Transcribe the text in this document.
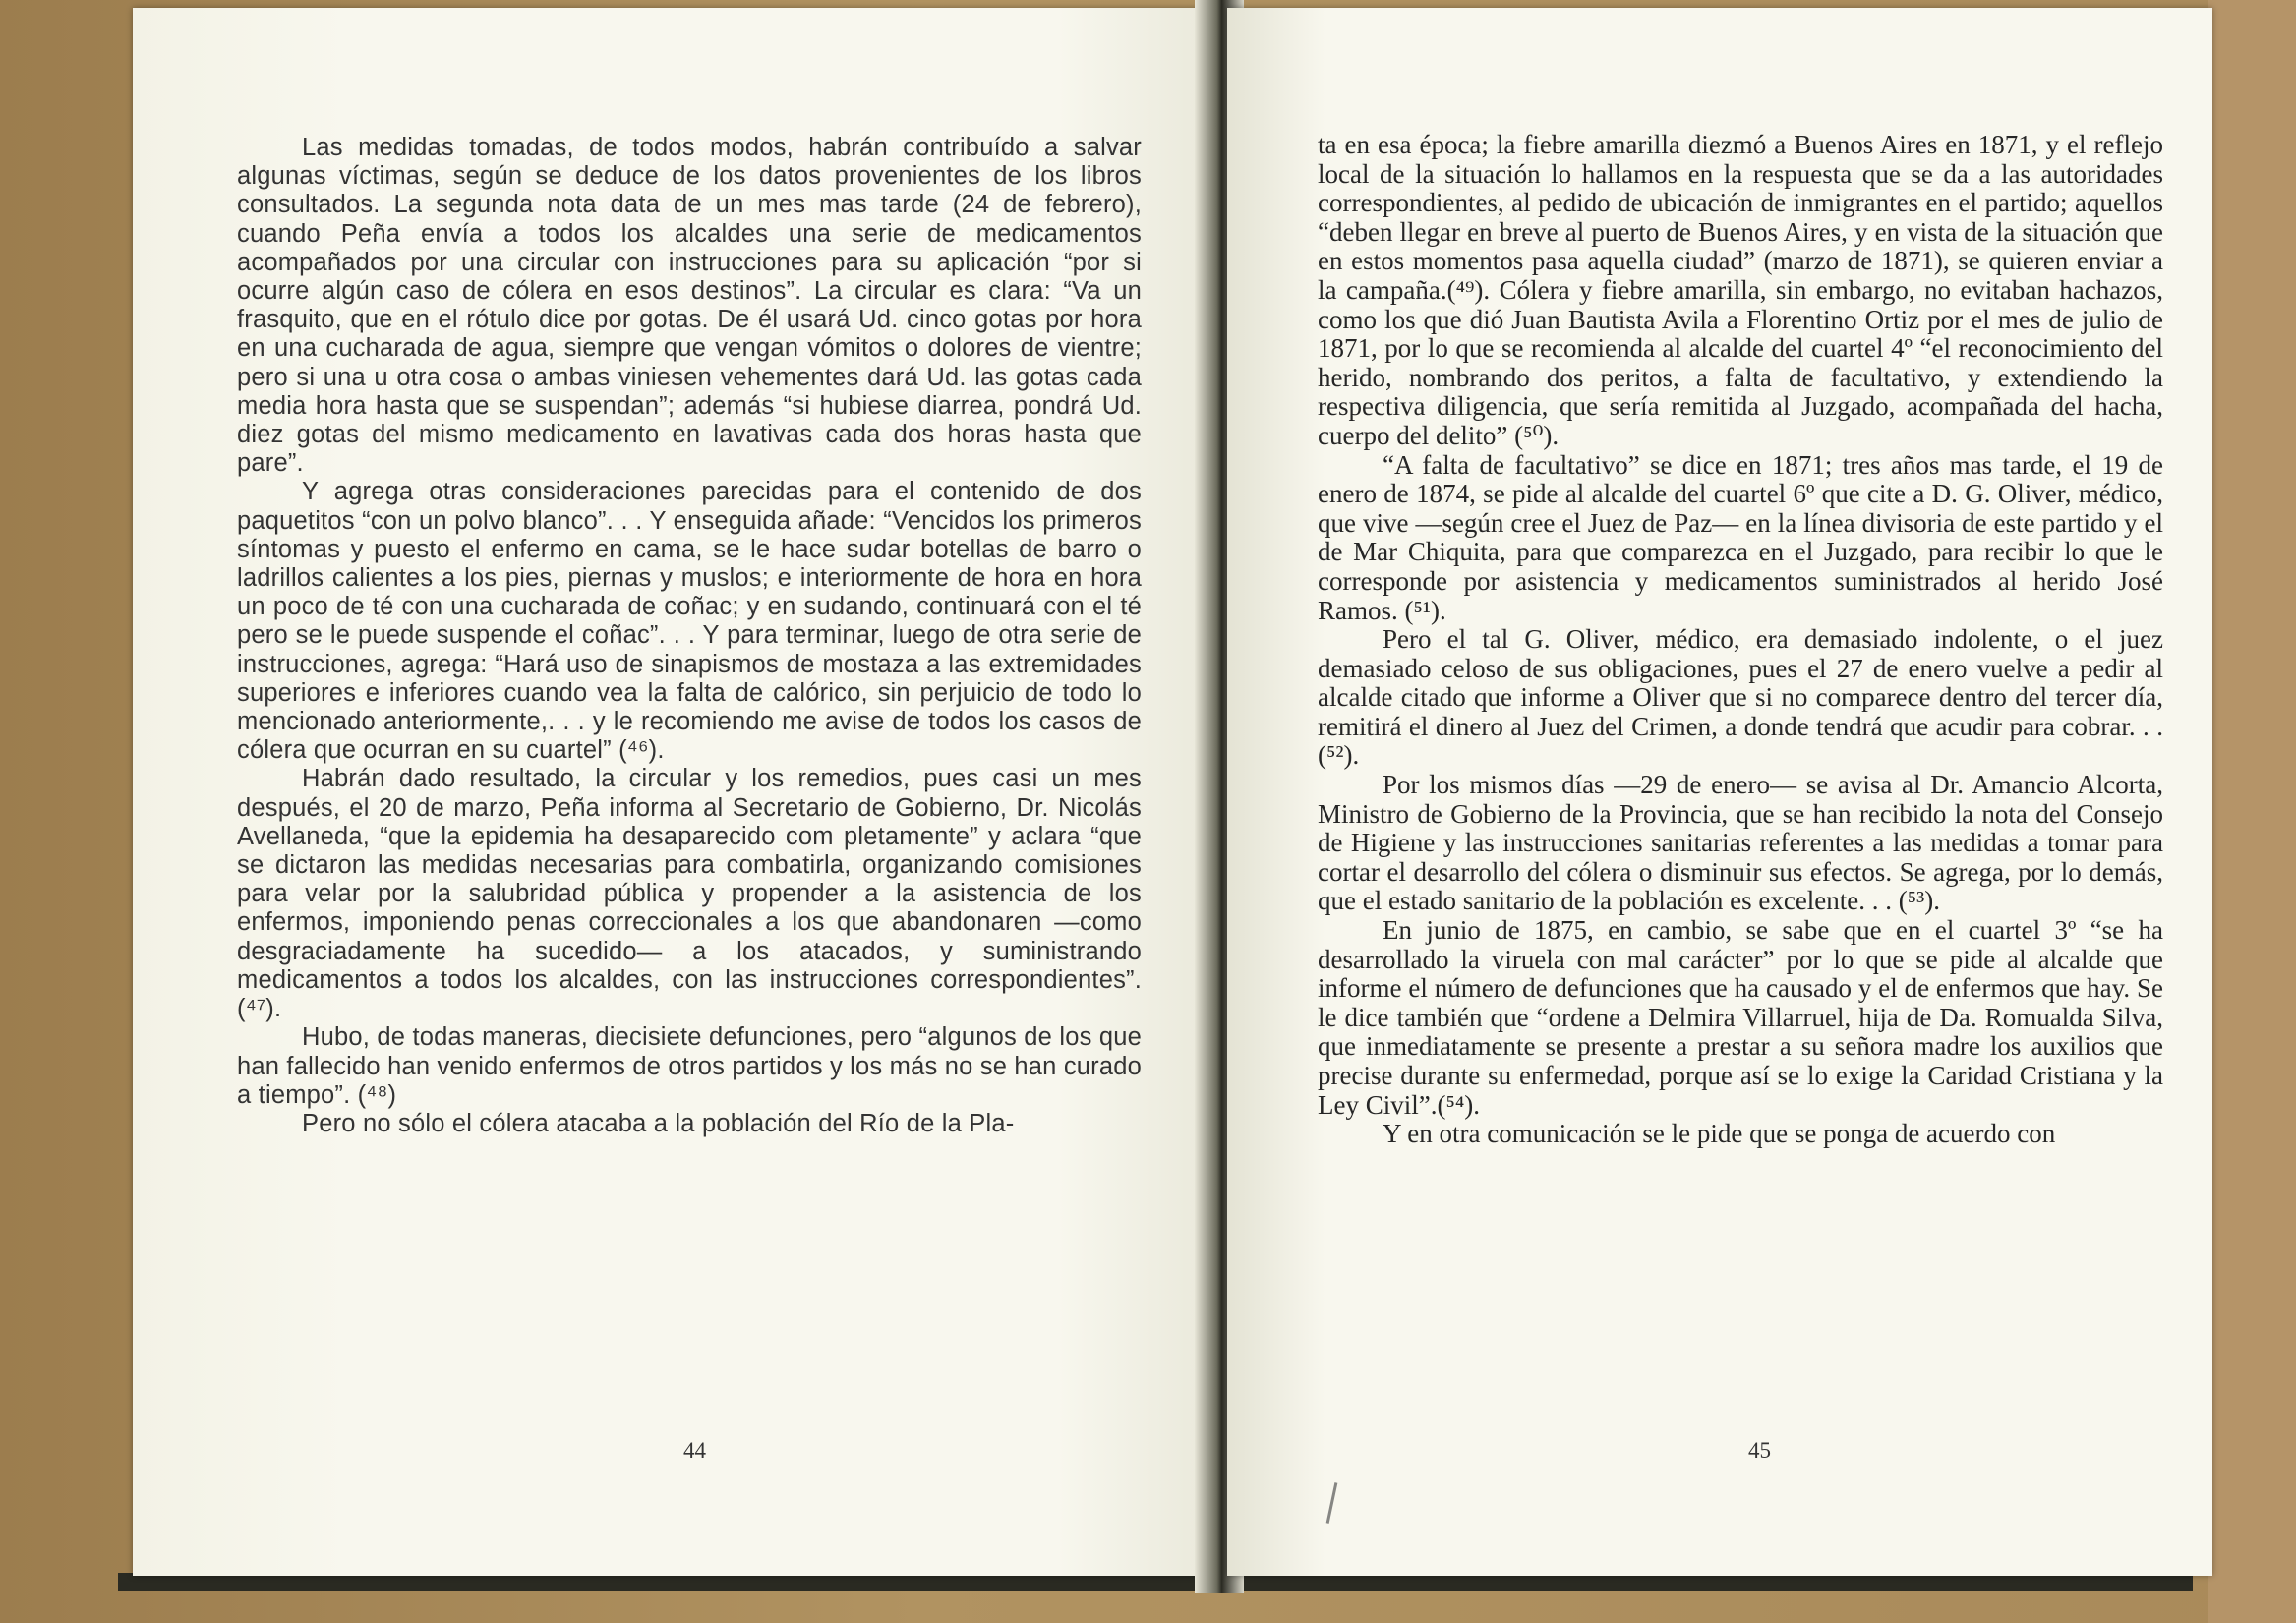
Las medidas tomadas, de todos modos, habrán contribuído a salvar algunas víctimas, según se deduce de los datos provenientes de los libros consultados. La segunda nota data de un mes mas tarde (24 de febrero), cuando Peña envía a todos los alcaldes una serie de medicamentos acompañados por una circular con instrucciones para su aplicación “por si ocurre algún caso de cólera en esos destinos”. La circular es clara: “Va un frasquito, que en el rótulo dice por gotas. De él usará Ud. cinco gotas por hora en una cucharada de agua, siempre que vengan vómitos o dolores de vientre; pero si una u otra cosa o ambas viniesen vehementes dará Ud. las gotas cada media hora hasta que se suspendan”; además “si hubiese diarrea, pondrá Ud. diez gotas del mismo medicamento en lavativas cada dos horas hasta que pare”.

Y agrega otras consideraciones parecidas para el contenido de dos paquetitos “con un polvo blanco”. . . Y enseguida añade: “Vencidos los primeros síntomas y puesto el enfermo en cama, se le hace sudar botellas de barro o ladrillos calientes a los pies, piernas y muslos; e interiormente de hora en hora un poco de té con una cucharada de coñac; y en sudando, continuará con el té pero se le puede suspende el coñac”. . . Y para terminar, luego de otra serie de instrucciones, agrega: “Hará uso de sinapismos de mostaza a las extremidades superiores e inferiores cuando vea la falta de calórico, sin perjuicio de todo lo mencionado anteriormente,. . . y le recomiendo me avise de todos los casos de cólera que ocurran en su cuartel” (⁴⁶).

Habrán dado resultado, la circular y los remedios, pues casi un mes después, el 20 de marzo, Peña informa al Secretario de Gobierno, Dr. Nicolás Avellaneda, “que la epidemia ha desaparecido com pletamente” y aclara “que se dictaron las medidas necesarias para combatirla, organizando comisiones para velar por la salubridad pública y propender a la asistencia de los enfermos, imponiendo penas correccionales a los que abandonaren —como desgraciadamente ha sucedido— a los atacados, y suministrando medicamentos a todos los alcaldes, con las instrucciones correspondientes”.(⁴⁷).

Hubo, de todas maneras, diecisiete defunciones, pero “algunos de los que han fallecido han venido enfermos de otros partidos y los más no se han curado a tiempo”. (⁴⁸)

Pero no sólo el cólera atacaba a la población del Río de la Pla-

44

ta en esa época; la fiebre amarilla diezmó a Buenos Aires en 1871, y el reflejo local de la situación lo hallamos en la respuesta que se da a las autoridades correspondientes, al pedido de ubicación de inmigrantes en el partido; aquellos “deben llegar en breve al puerto de Buenos Aires, y en vista de la situación que en estos momentos pasa aquella ciudad” (marzo de 1871), se quieren enviar a la campaña.(⁴⁹). Cólera y fiebre amarilla, sin embargo, no evitaban hachazos, como los que dió Juan Bautista Avila a Florentino Ortiz por el mes de julio de 1871, por lo que se recomienda al alcalde del cuartel 4º “el reconocimiento del herido, nombrando dos peritos, a falta de facultativo, y extendiendo la respectiva diligencia, que sería remitida al Juzgado, acompañada del hacha, cuerpo del delito” (⁵⁰).

“A falta de facultativo” se dice en 1871; tres años mas tarde, el 19 de enero de 1874, se pide al alcalde del cuartel 6º que cite a D. G. Oliver, médico, que vive —según cree el Juez de Paz— en la línea divisoria de este partido y el de Mar Chiquita, para que comparezca en el Juzgado, para recibir lo que le corresponde por asistencia y medicamentos suministrados al herido José Ramos. (⁵¹).

Pero el tal G. Oliver, médico, era demasiado indolente, o el juez demasiado celoso de sus obligaciones, pues el 27 de enero vuelve a pedir al alcalde citado que informe a Oliver que si no comparece dentro del tercer día, remitirá el dinero al Juez del Crimen, a donde tendrá que acudir para cobrar. . . (⁵²).

Por los mismos días —29 de enero— se avisa al Dr. Amancio Alcorta, Ministro de Gobierno de la Provincia, que se han recibido la nota del Consejo de Higiene y las instrucciones sanitarias referentes a las medidas a tomar para cortar el desarrollo del cólera o disminuir sus efectos. Se agrega, por lo demás, que el estado sanitario de la población es excelente. . . (⁵³).

En junio de 1875, en cambio, se sabe que en el cuartel 3º “se ha desarrollado la viruela con mal carácter” por lo que se pide al alcalde que informe el número de defunciones que ha causado y el de enfermos que hay. Se le dice también que “ordene a Delmira Villarruel, hija de Da. Romualda Silva, que inmediatamente se presente a prestar a su señora madre los auxilios que precise durante su enfermedad, porque así se lo exige la Caridad Cristiana y la Ley Civil”.(⁵⁴).

Y en otra comunicación se le pide que se ponga de acuerdo con

45
